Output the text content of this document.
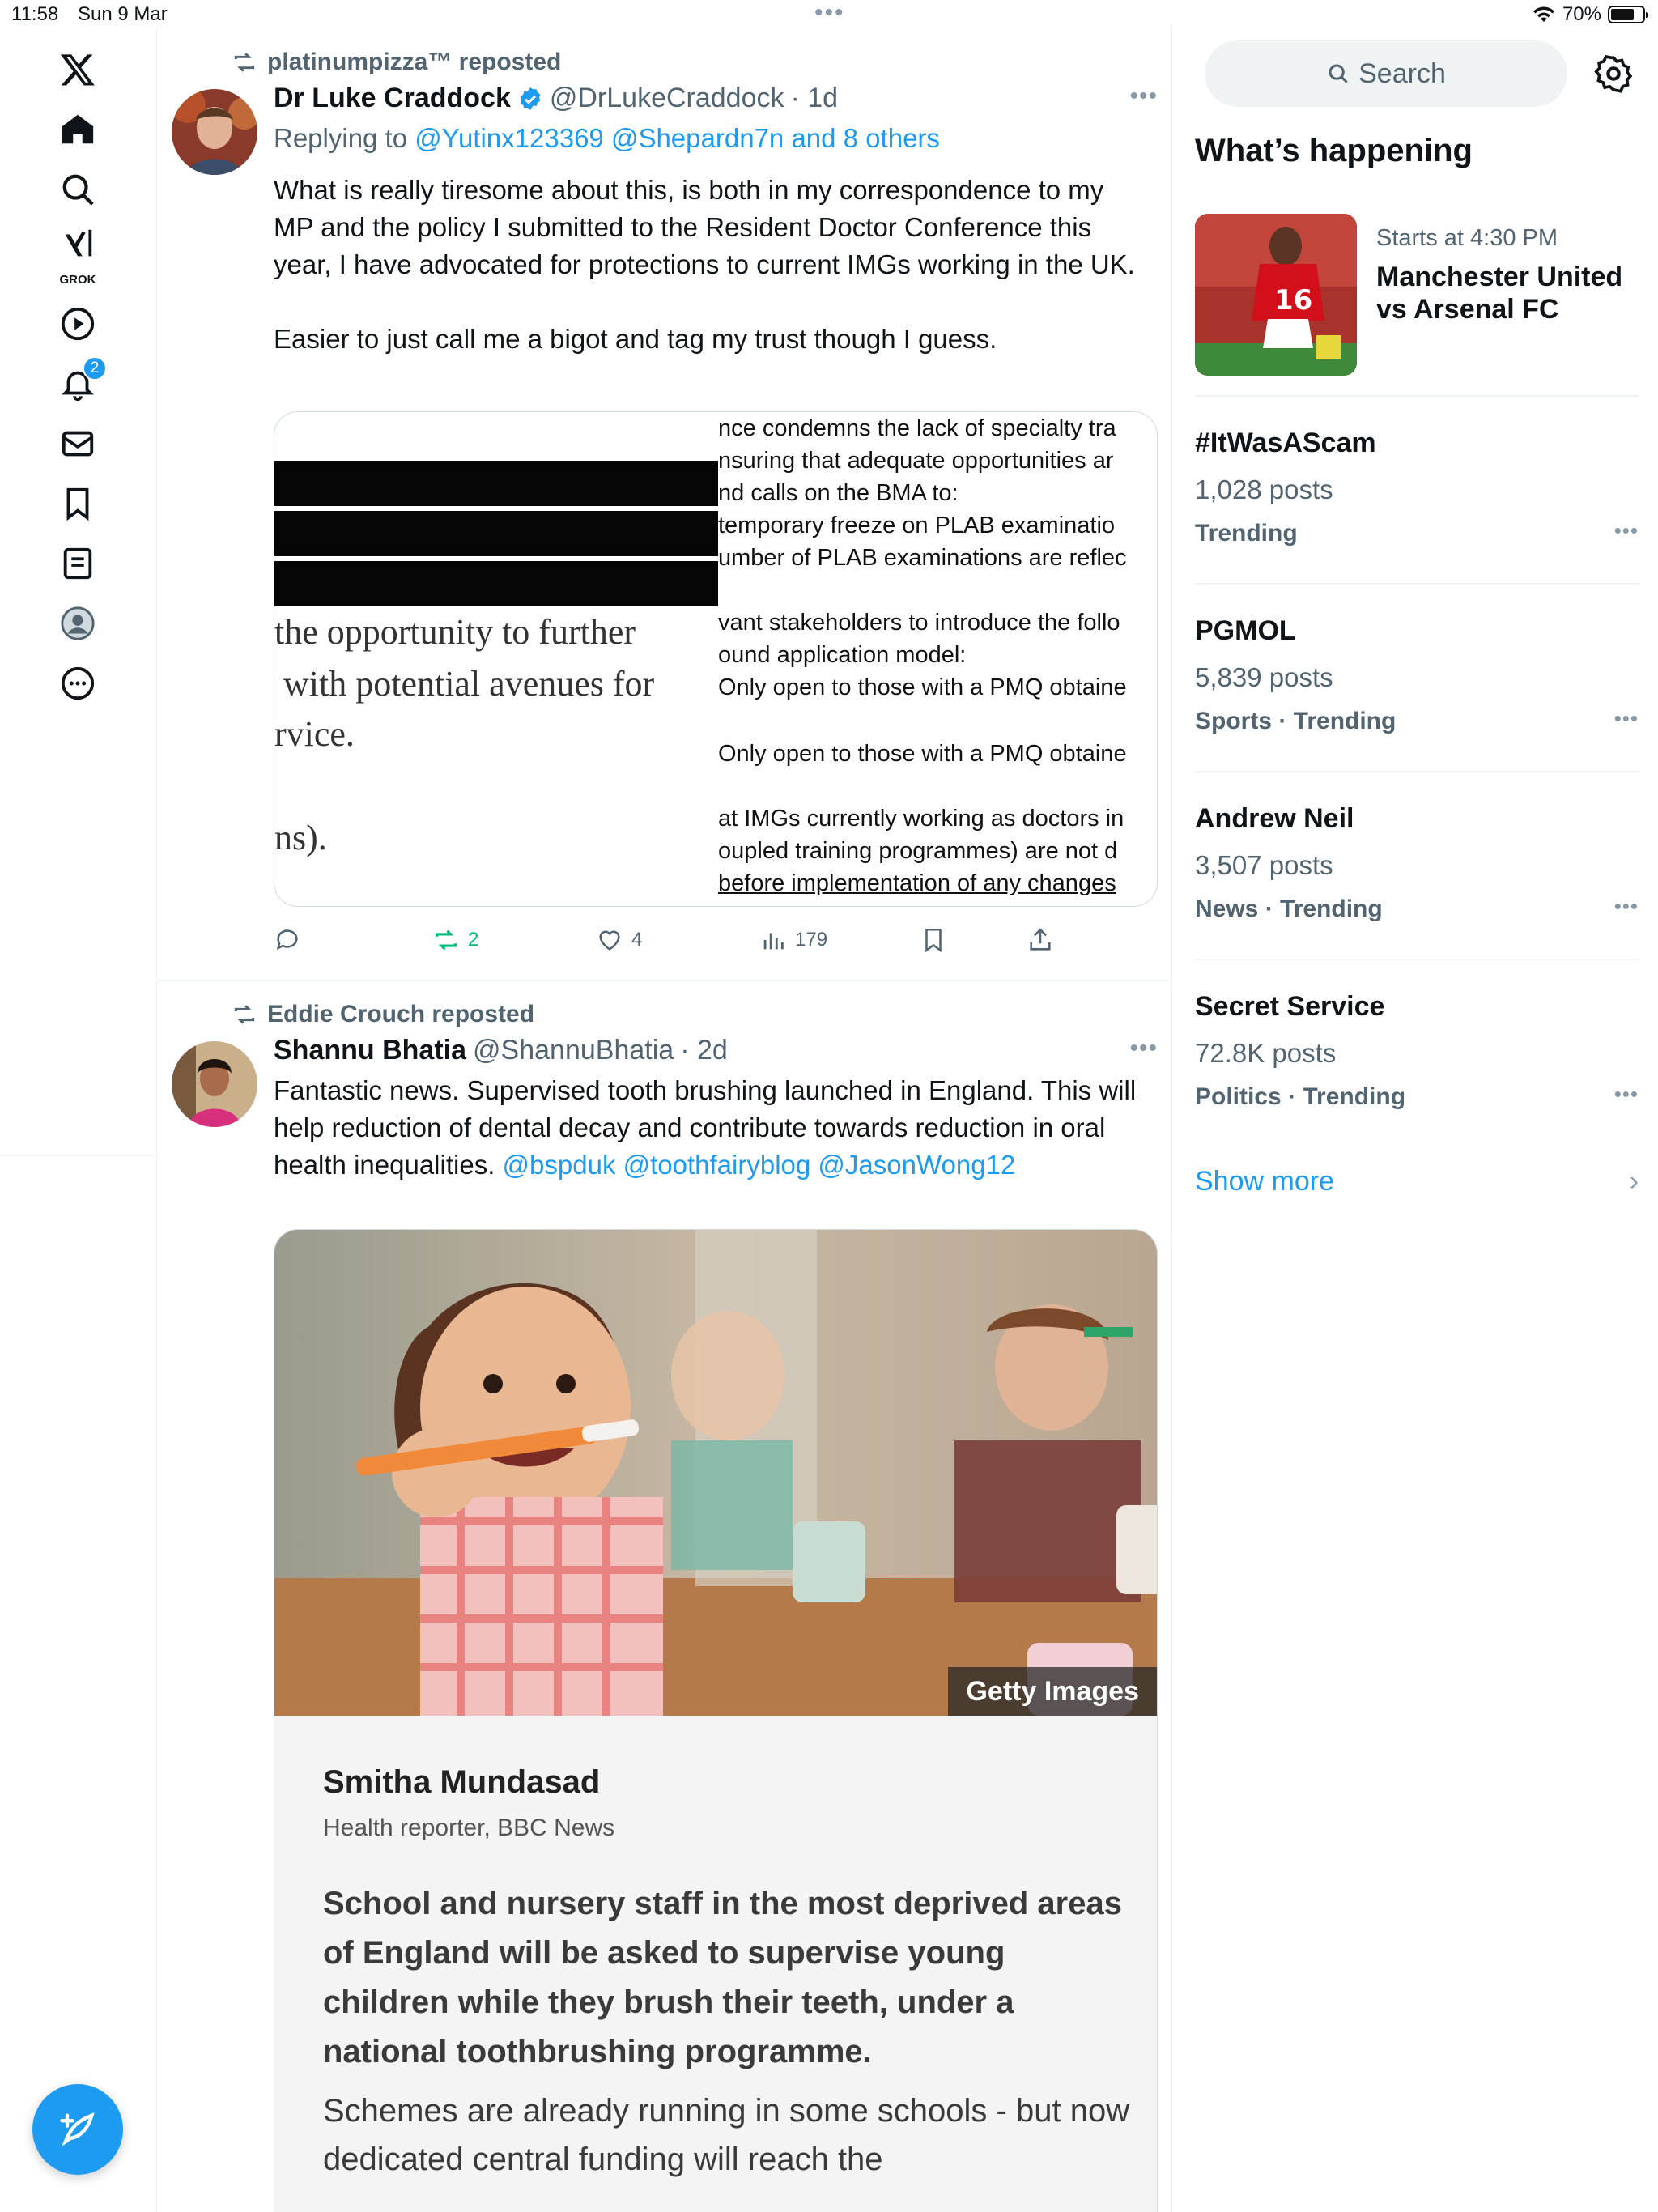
11:58 Sun 9 Mar	•••	70%
GROK
2
platinumpizza™ reposted
Dr Luke Craddock @DrLukeCraddock · 1d	•••
Replying to @Yutinx123369 @Shepardn7n and 8 others

What is really tiresome about this, is both in my correspondence to my MP and the policy I submitted to the Resident Doctor Conference this year, I have advocated for protections to current IMGs working in the UK.

Easier to just call me a bigot and tag my trust though I guess.

the opportunity to further
with potential avenues for
rvice.
ns).
nce condemns the lack of specialty tra
nsuring that adequate opportunities ar
nd calls on the BMA to:
temporary freeze on PLAB examinatio
umber of PLAB examinations are reflec
vant stakeholders to introduce the follo
ound application model:
Only open to those with a PMQ obtaine
Only open to those with a PMQ obtaine
at IMGs currently working as doctors in
oupled training programmes) are not d
before implementation of any changes
2	4	179
Eddie Crouch reposted
Shannu Bhatia @ShannuBhatia · 2d	•••
Fantastic news. Supervised tooth brushing launched in England. This will help reduction of dental decay and contribute towards reduction in oral health inequalities. @bspduk @toothfairyblog @JasonWong12
Getty Images
Smitha Mundasad
Health reporter, BBC News
School and nursery staff in the most deprived areas of England will be asked to supervise young children while they brush their teeth, under a national toothbrushing programme.
Schemes are already running in some schools - but now dedicated central funding will reach the
Search
What’s happening
16
Starts at 4:30 PM
Manchester United vs Arsenal FC
#ItWasAScam
1,028 posts
Trending	•••
PGMOL
5,839 posts
Sports · Trending	•••
Andrew Neil
3,507 posts
News · Trending	•••
Secret Service
72.8K posts
Politics · Trending	•••
Show more	›
